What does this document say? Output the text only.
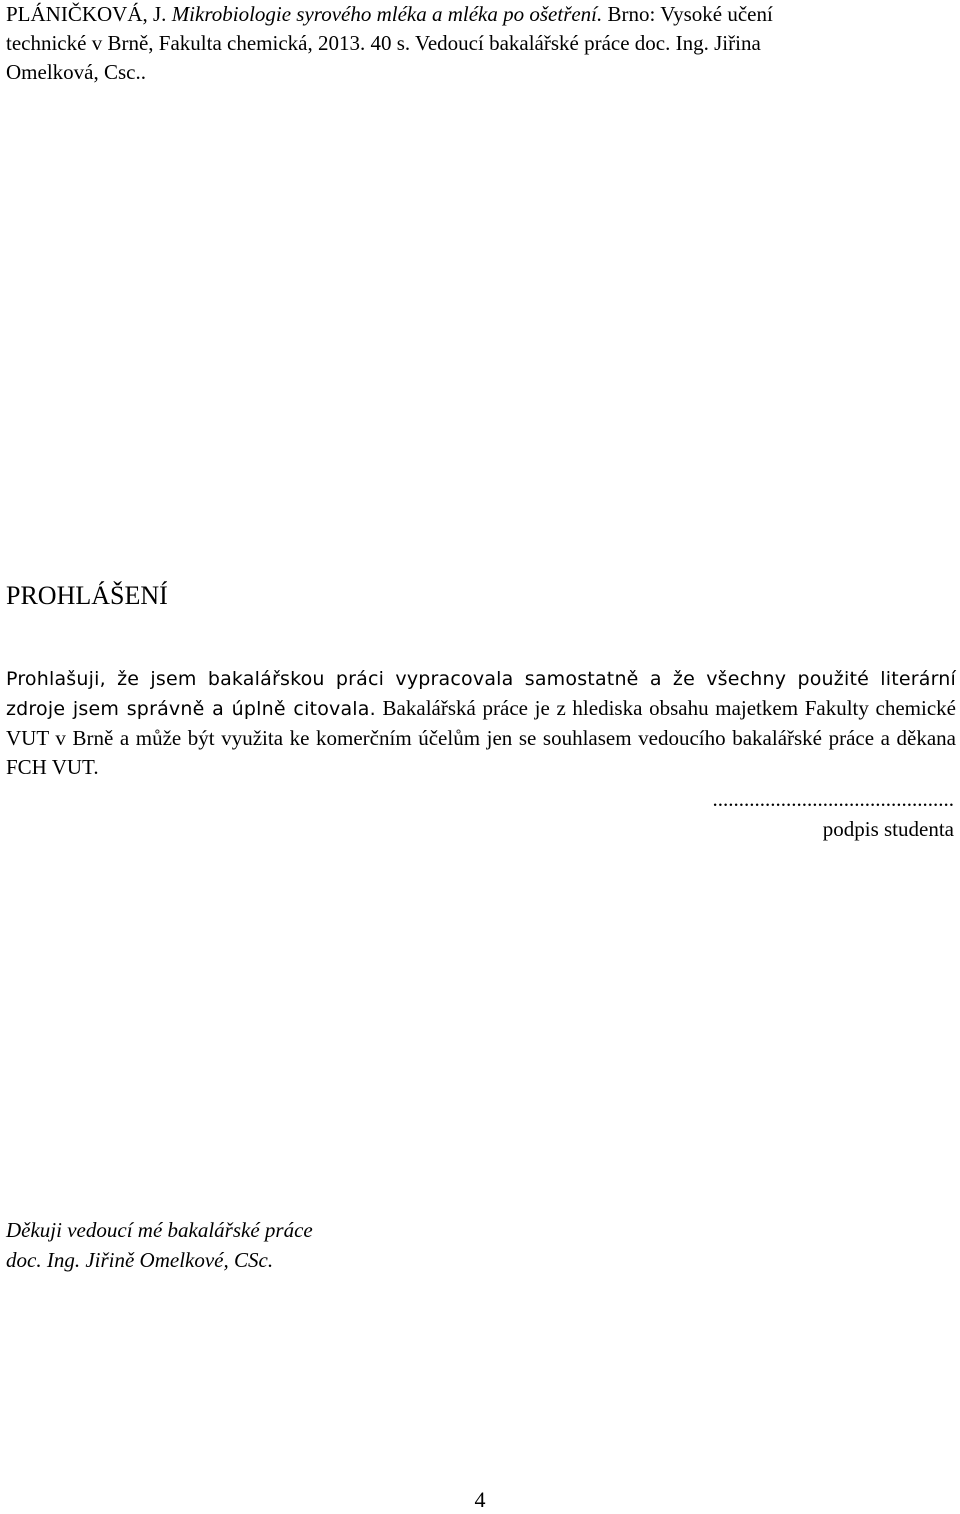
PLÁNIČKOVÁ, J. Mikrobiologie syrového mléka a mléka po ošetření. Brno: Vysoké učení
technické v Brně, Fakulta chemická, 2013. 40 s. Vedoucí bakalářské práce doc. Ing. Jiřina
Omelková, Csc..
PROHLÁŠENÍ
Prohlašuji, že jsem bakalářskou práci vypracovala samostatně a že všechny použité literární zdroje jsem správně a úplně citovala. Bakalářská práce je z hlediska obsahu majetkem Fakulty chemické VUT v Brně a může být využita ke komerčním účelům jen se souhlasem vedoucího bakalářské práce a děkana FCH VUT.
..............................................
podpis studenta
Děkuji vedoucí mé bakalářské práce
doc. Ing. Jiřině Omelkové, CSc.
4
